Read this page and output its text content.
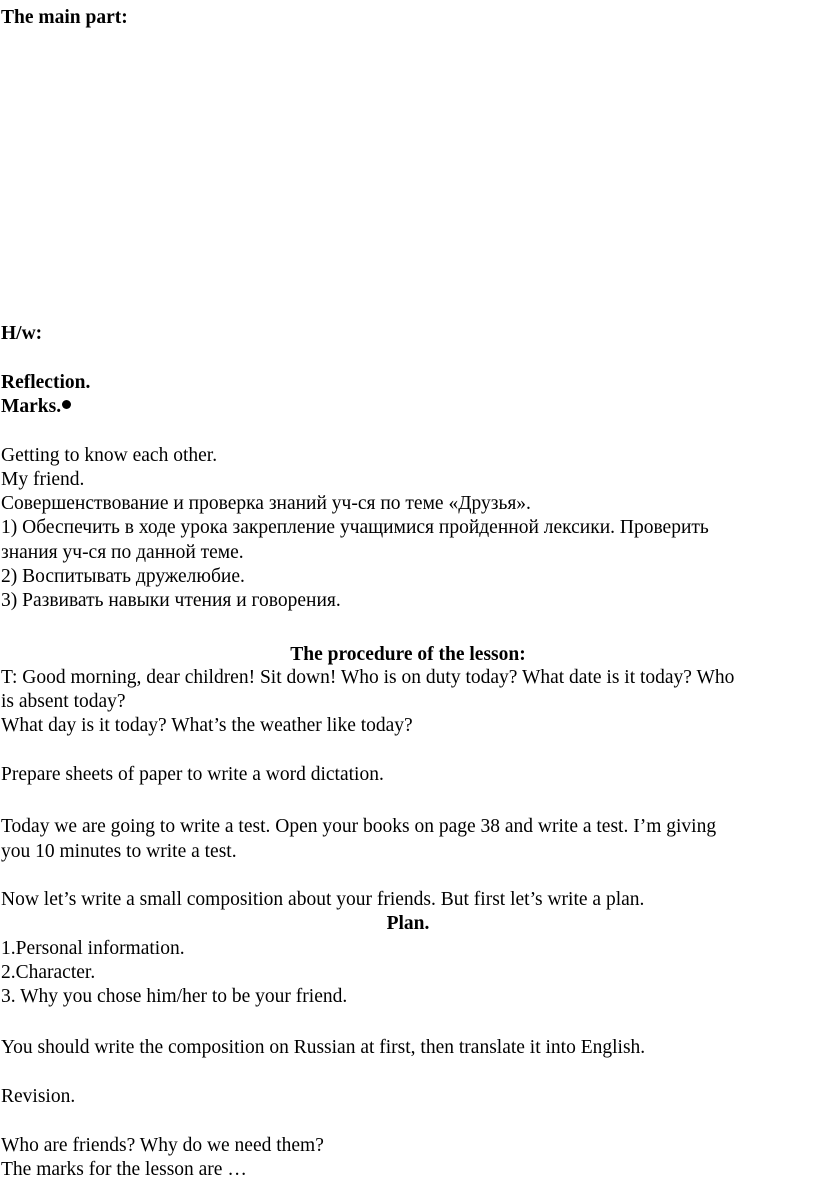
The main part:
H/w:
Reflection.
Marks.
Getting to know each other.
My friend.
Совершенствование и проверка знаний уч-ся по теме «Друзья».
1) Обеспечить в ходе урока закрепление учащимися пройденной лексики. Проверить
знания уч-ся по данной теме.
2) Воспитывать дружелюбие.
3) Развивать навыки чтения и говорения.
The procedure of the lesson:
T: Good morning, dear children! Sit down! Who is on duty today? What date is it today? Who
is absent today?
What day is it today? What’s the weather like today?
Prepare sheets of paper to write a word dictation.
Today we are going to write a test. Open your books on page 38 and write a test. I’m giving
you 10 minutes to write a test.
Now let’s write a small composition about your friends. But first let’s write a plan.
Plan.
1.Personal information.
2.Character.
3. Why you chose him/her to be your friend.
You should write the composition on Russian at first, then translate it into English.
Revision.
Who are friends? Why do we need them?
The marks for the lesson are …
